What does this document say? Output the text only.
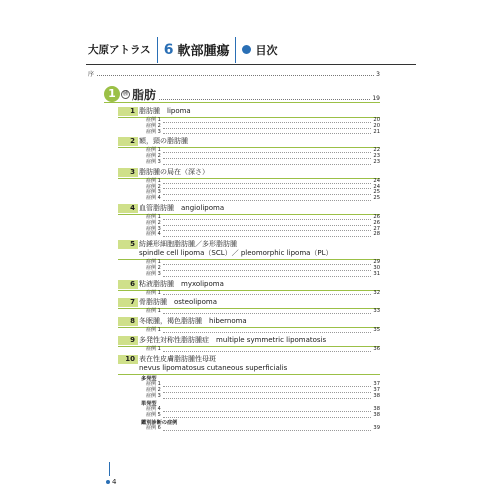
大原アトラス 6 軟部腫瘍	目次
序	3
1	腫 脂肪	19
1 脂肪腫　lipoma
症例 1	20
症例 2	20
症例 3	21
2 額，頸の脂肪腫
症例 1	22
症例 2	23
症例 3	23
3 脂肪腫の局在（深さ）
症例 1	24
症例 2	24
症例 3	25
症例 4	25
4 血管脂肪腫　angiolipoma
症例 1	26
症例 2	26
症例 3	27
症例 4	28
5 紡錘形細胞脂肪腫／多形脂肪腫
spindle cell lipoma（SCL）／ pleomorphic lipoma（PL）
症例 1	29
症例 2	30
症例 3	31
6 粘液脂肪腫　myxolipoma
症例 1	32
7 骨脂肪腫　osteolipoma
症例 1	33
8 冬眠腫，褐色脂肪腫　hibernoma
症例 1	35
9 多発性対称性脂肪腫症　multiple symmetric lipomatosis
症例 1	36
10 表在性皮膚脂肪腫性母斑
nevus lipomatosus cutaneous superficialis
多発型
症例 1	37
症例 2	37
症例 3	38
単発型
症例 4	38
症例 5	38
鑑別診断の症例
症例 6	39
4
